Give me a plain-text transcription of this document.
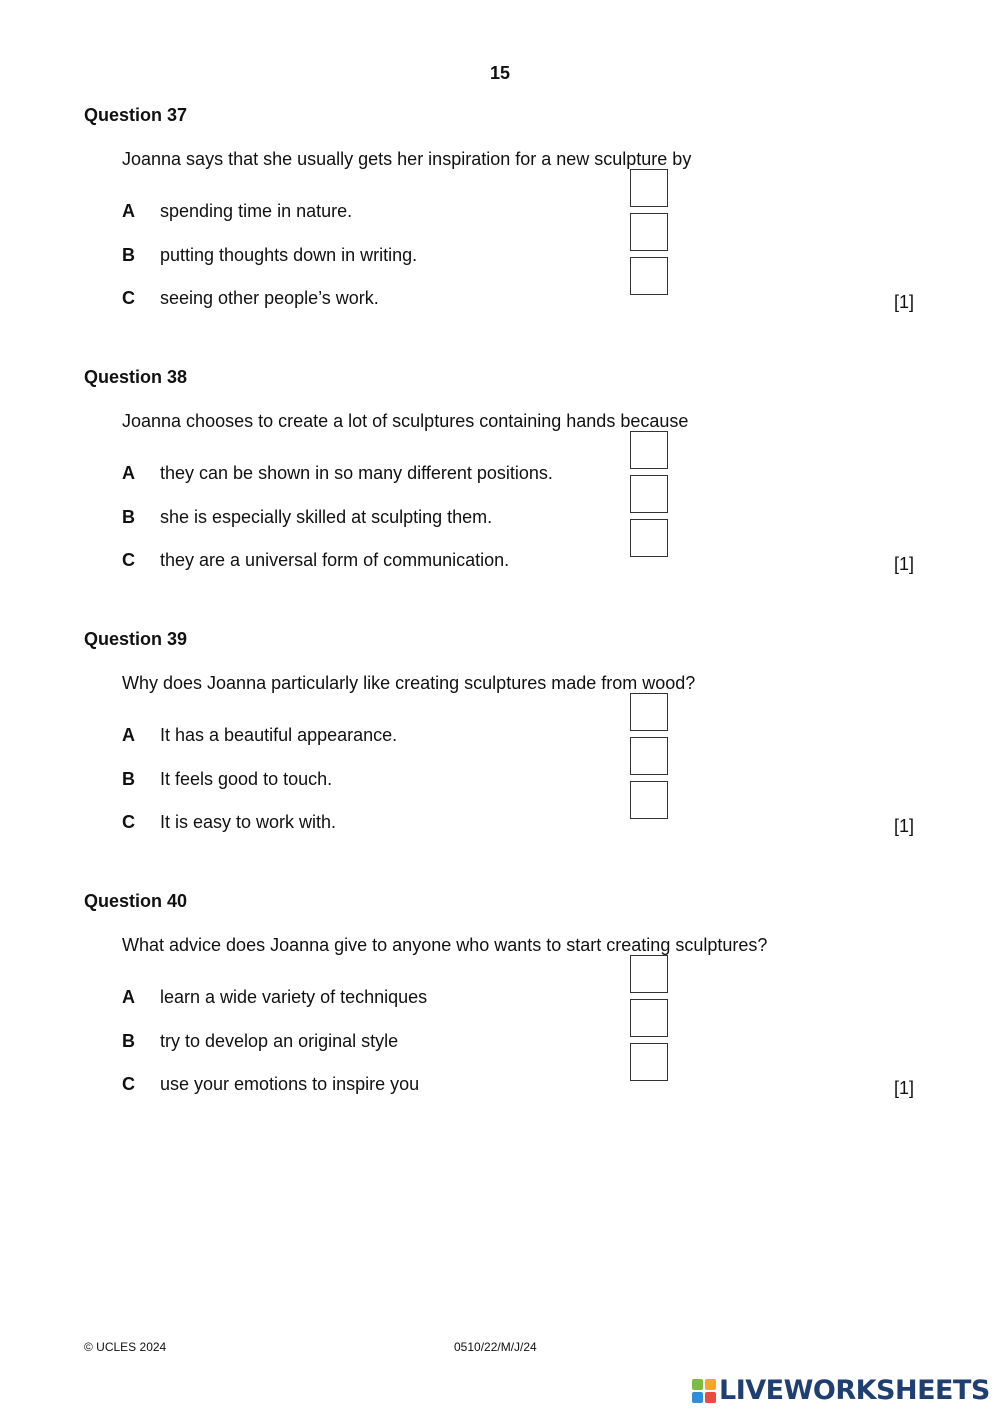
15
Question 37
Joanna says that she usually gets her inspiration for a new sculpture by
A spending time in nature.
B putting thoughts down in writing.
C seeing other people’s work.	[1]
Question 38
Joanna chooses to create a lot of sculptures containing hands because
A they can be shown in so many different positions.
B she is especially skilled at sculpting them.
C they are a universal form of communication.	[1]
Question 39
Why does Joanna particularly like creating sculptures made from wood?
A It has a beautiful appearance.
B It feels good to touch.
C It is easy to work with.	[1]
Question 40
What advice does Joanna give to anyone who wants to start creating sculptures?
A learn a wide variety of techniques
B try to develop an original style
C use your emotions to inspire you	[1]
© UCLES 2024	0510/22/M/J/24
LIVEWORKSHEETS
